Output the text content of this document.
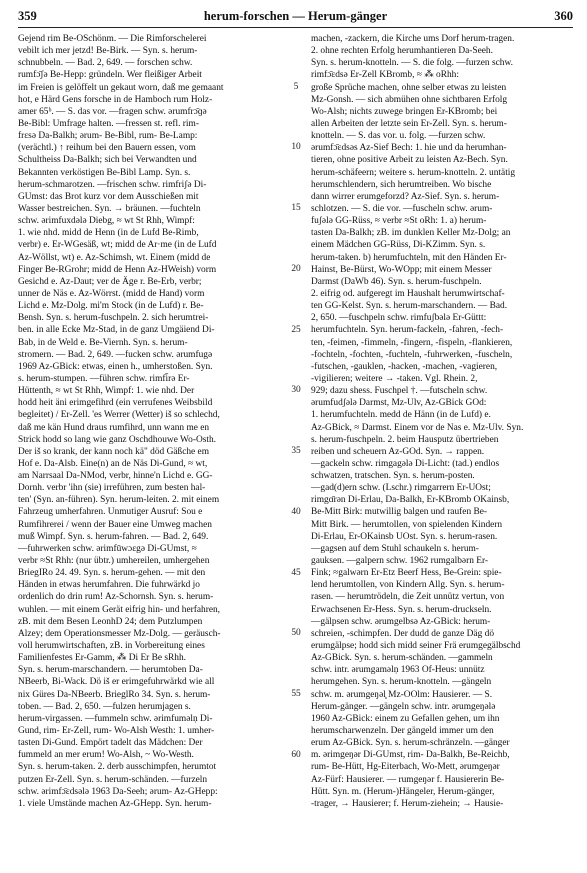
359	herum-forschen — Herum-gänger	360
Gejend rim Be-OSchönm. — Die Rimforschelerei
vebilt ich mer jetzd! Be-Birk. — Syn. s. herum-
schnubbeln. — Bad. 2, 649. — forschen schw.
rumfɔ̄ʃə Be-Hepp: gründeln. Wer fleißiger Arbeit
im Freien is gelöffelt un gekaut worn, daß me gemaant
hot, e Härd Gens forsche in de Hamboch rum Holz-
amer 65ᵇ. — S. das vor. —fragen schw. ərumfrɔ̄ɡə
Be-Bibl: Umfrage halten. —fressen st. refl. rim-
frεsə Da-Balkh; ərum- Be-Bibl, rum- Be-Lamp:
(verächtl.) ↑ reihum bei den Bauern essen, vom
Schultheiss Da-Balkh; sich bei Verwandten und
Bekannten verköstigen Be-Bibl Lamp. Syn. s.
herum-schmarotzen. —frischen schw. rimfriʃə Di-
GUmst: das Brot kurz vor dem Ausschießen mit
Wasser bestreichen. Syn. → bräunen. —fuchteln
schw. ərimfuxdələ Diebg, ≈ wt St Rhh, Wimpf:
1. wie nhd. midd de Henn (in de Lufd Be-Rimb,
verbr) e. Er-WGesäß, wt; midd de Ar·me (in de Lufd
Az-Wöllst, wt) e. Az-Schimsh, wt. Einem (midd de
Finger Be-RGrohr; midd de Henn Az-HWeish) vorm
Gesichd e. Az-Daut; ver de Äge r. Be-Erb, verbr;
unner de Näs e. Az-Wörrst. (midd de Hand) vorm
Lichd e. Mz-Dolg. mi'm Stock (in de Lufd) r. Be-
Bensh. Syn. s. herum-fuschpeln. 2. sich herumtrei-
ben. in alle Ecke Mz-Stad, in de ganz Umgäiend Di-
Bab, in de Weld e. Be-Viernh. Syn. s. herum-
stromern. — Bad. 2, 649. —fucken schw. ərumfugə
1969 Az-GBick: etwas, einen h., umherstoßen. Syn.
s. herum-stumpen. —führen schw. rimfi̇̄rə Er-
Hüttenth, ≈ wt St Rhh, Wimpf: 1. wie nhd. Der
hodd heit äni erimgefihrd (ein verrufenes Weibsbild
begleitet) / Er-Zell. 'es Werrer (Wetter) iš so schlechd,
daß me kän Hund draus rumfihrd, unn wann me en
Strick hodd so lang wie ganz Oschdhouwe Wo-Osth.
Der iš so krank, der kann noch kä" död Gäßche em
Hof e. Da-Alsb. Eine(n) an de Näs Di-Gund, ≈ wt,
am Narrsaal Da-NMod, verbr, hinne'n Lichd e. GG-
Dornh. verbr 'ihn (sie) irreführen, zum besten hal-
ten' (Syn. an-führen). Syn. herum-leiten. 2. mit einem
Fahrzeug umherfahren. Unmutiger Ausruf: Sou e
Rumfihrerei / wenn der Bauer eine Umweg machen
muß Wimpf. Syn. s. herum-fahren. — Bad. 2, 649.
—fuhrwerken schw. ərimfūwɔɛgə Di-GUmst, ≈
verbr ≈St Rhh: (nur übtr.) umhereilen, umhergehen
BriegIRo 24. 49. Syn. s. herum-gehen. — mit den
Händen in etwas herumfahren. Die fuhrwärkd jo
ordenlich do drin rum! Az-Schornsh. Syn. s. herum-
wuhlen. — mit einem Gerät eifrig hin- und herfahren,
zB. mit dem Besen LeonhD 24; dem Putzlumpen
Alzey; dem Operationsmesser Mz-Dolg. — geräusch-
voll herumwirtschaften, zB. in Vorbereitung eines
Familienfestes Er-Gamm, ⁂ Di Er Be sRhh.
Syn. s. herum-marschandern. — herumtoben Da-
NBeerb, Bi-Wack. Dö iš er erimgefuhrwärkd wie all
nix Güres Da-NBeerb. BrieglRo 34. Syn. s. herum-
toben. — Bad. 2, 650. —fulzen herumjagen s.
herum-virgassen. —fummeln schw. ərimfuməlṇ Di-
Gund, rim- Er-Zell, rum- Wo-Alsh Westh: 1. umher-
tasten Di-Gund. Empört tadelt das Mädchen: Der
fummeld an mer erum! Wo-Alsh, ~ Wo-Westh.
Syn. s. herum-taken. 2. derb ausschimpfen, herumtot
putzen Er-Zell. Syn. s. herum-schänden. —furzeln
schw. ərimfɔ̄ɛdsələ 1963 Da-Seeh; ərum- Az-GHepp:
1. viele Umstände machen Az-GHepp. Syn. herum-
5
10
15
20
25
30
35
40
45
50
55
60
machen, -zackern, die Kirche ums Dorf herum-tragen.
2. ohne rechten Erfolg herumhantieren Da-Seeh.
Syn. s. herum-knotteln. — S. die folg. —furzen schw.
rimfɔ̄ɛdsə Er-Zell KBromb, ≈ ⁂ oRhh:
große Sprüche machen, ohne selber etwas zu leisten
Mz-Gonsh. — sich abmühen ohne sichtbaren Erfolg
Wo-Alsh; nichts zuwege bringen Er-KBromb; bei
allen Arbeiten der letzte sein Er-Zell. Syn. s. herum-
knotteln. — S. das vor. u. folg. —furzen schw.
ərumfɔ̄ɛdsəs Az-Sief Bech: 1. hie und da herumhan-
tieren, ohne positive Arbeit zu leisten Az-Bech. Syn.
herum-schäfeern; weitere s. herum-knotteln. 2. untätig
herumschlendern, sich herumtreiben. Wo bische
dann wirrer erumgeforzd? Az-Sief. Syn. s. herum-
schlotzen. — S. die vor. —fuscheln schw. ərum-
fuʃələ GG-Rüss, ≈ verbr ≈St oRh: 1. a) herum-
tasten Da-Balkh; zB. im dunklen Keller Mz-Dolg; an
einem Mädchen GG-Rüss, Di-KZimm. Syn. s.
herum-taken. b) herumfuchteln, mit den Händen Er-
Hainst, Be-Bürst, Wo-WOpp; mit einem Messer
Darmst (DaWb 46). Syn. s. herum-fuschpeln.
2. eifrig od. aufgeregt im Haushalt herumwirtschaf-
ten GG-Kelst. Syn. s. herum-marschandern. — Bad.
2, 650. —fuschpeln schw. rimfuʃbələ Er-Güttt:
herumfuchteln. Syn. herum-fackeln, -fahren, -fech-
ten, -feimen, -fimmeln, -fingern, -fispeln, -flankieren,
-fochteln, -fochten, -fuchteln, -fuhrwerken, -fuscheln,
-futschen, -gauklen, -hacken, -machen, -vagieren,
-vigilieren; weitere → -taken. Vgl. Rhein. 2,
929; dazu shess. Fuschpel †. —futscheln schw.
ərumfudʃələ Darmst, Mz-Ulv, Az-GBick GOd:
1. herumfuchteln. medd de Hänn (in de Lufd) e.
Az-GBick, ≈ Darmst. Einem vor de Nas e. Mz-Ulv. Syn.
s. herum-fuschpeln. 2. beim Hausputz übertrieben
reiben und scheuern Az-GOd. Syn. → rappen.
—gackeln schw. rimgagələ Di-Licht: (tad.) endlos
schwatzen, tratschen. Syn. s. herum-posten.
—gad(d)ern schw. (Lschr.) rimgarrern Er-UOst;
rimgɑ̄rən Di-Erlau, Da-Balkh, Er-KBromb OKainsb,
Be-Mitt Birk: mutwillig balgen und raufen Be-
Mitt Birk. — herumtollen, von spielenden Kindern
Di-Erlau, Er-OKainsb UOst. Syn. s. herum-rasen.
—gagsen auf dem Stuhl schaukeln s. herum-
gauksen. —galpern schw. 1962 rumgalbərn Er-
Fink; ≈galwərn Er-Etz Beerf Hess, Be-Grein: spie-
lend herumtollen, von Kindern Allg. Syn. s. herum-
rasen. — herumtrödeln, die Zeit unnütz vertun, von
Erwachsenen Er-Hess. Syn. s. herum-druckseln.
—gälpsen schw. ərumgelbsə Az-GBick: herum-
schreien, -schimpfen. Der dudd de ganze Däg dö
erumgälpse; hodd sich midd seiner Frä erumgegälbschd
Az-GBick. Syn. s. herum-schänden. —gammeln
schw. intr. ərumgaməlṇ 1963 Of-Heus: unnütz
herumgehen. Syn. s. herum-knotteln. —gängeln
schw. m. ərumgeŋəl̥ Mz-OOlm: Hausierer. — S.
Herum-gänger. —gängeln schw. intr. ərumgeŋələ
1960 Az-GBick: einem zu Gefallen gehen, um ihn
herumscharwenzeln. Der gängeld immer um den
erum Az-GBick. Syn. s. herum-schränzeln. —gänger
m. ərimgeŋər Di-GUmst, rim- Da-Balkh, Be-Reichb,
rum- Be-Hütt, Hg-Eiterbach, Wo-Mett, ərumgeŋər
Az-Fürf: Hausierer. — rumgeŋər f. Hausiererin Be-
Hütt. Syn. m. (Herum-)Hängeler, Herum-gänger,
-trager, → Hausierer; f. Herum-ziehein; → Hausie-
